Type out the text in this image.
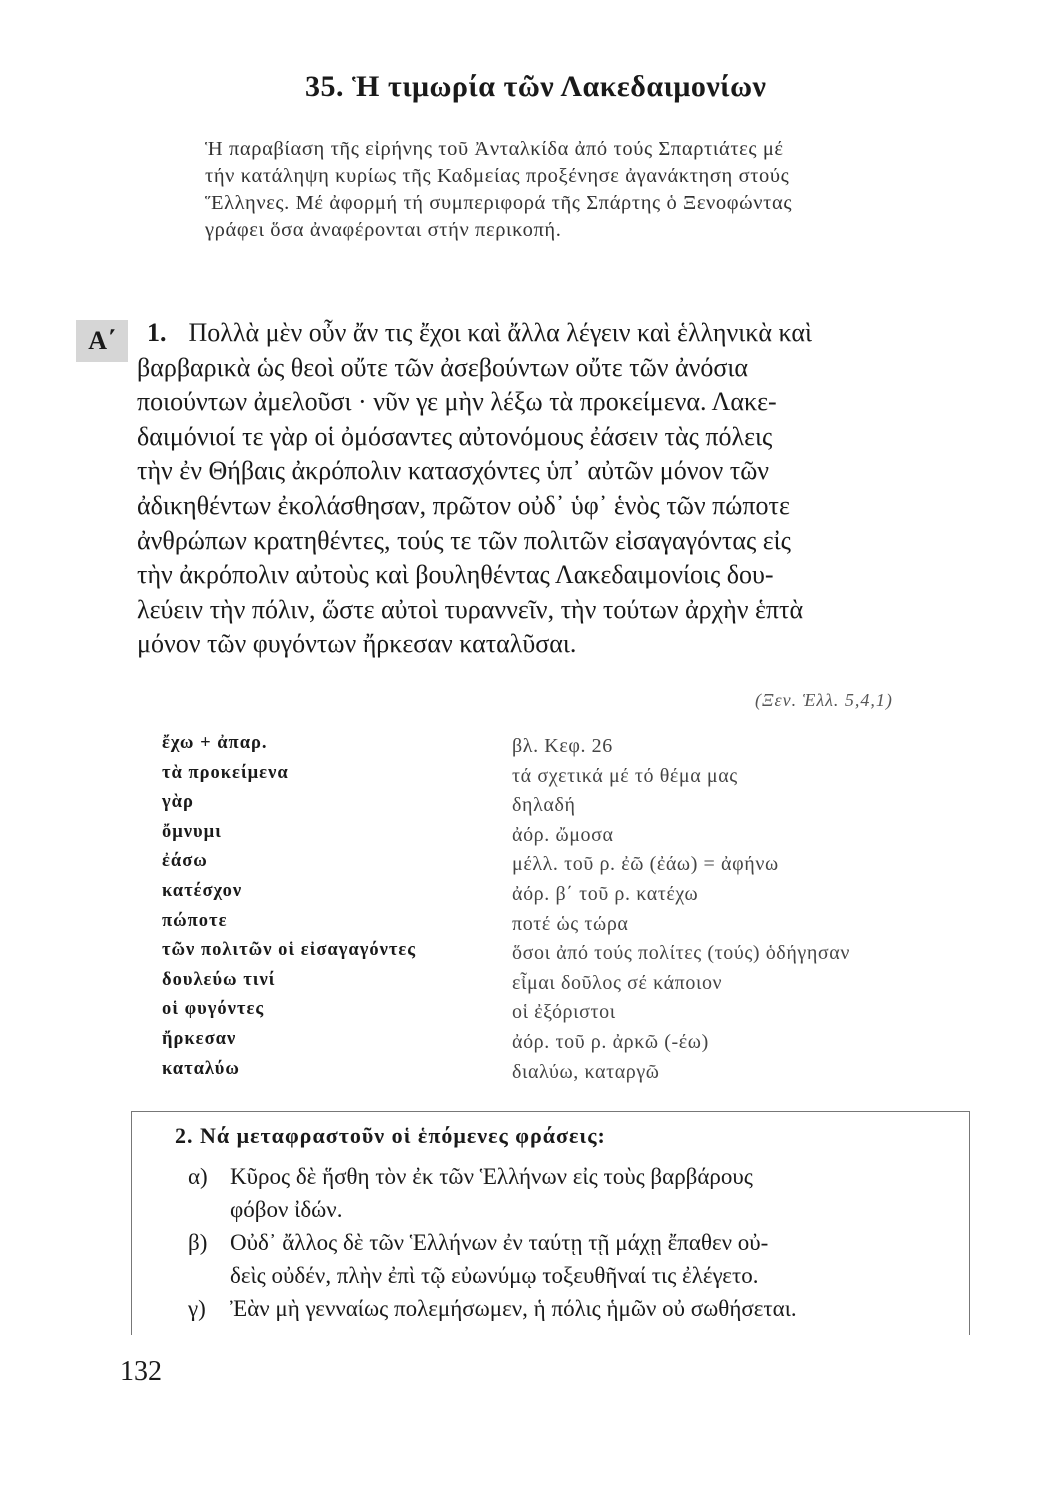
35. Ἡ τιμωρία τῶν Λακεδαιμονίων
Ἡ παραβίαση τῆς εἰρήνης τοῦ Ἀνταλκίδα ἀπό τούς Σπαρτιάτες μέ
τήν κατάληψη κυρίως τῆς Καδμείας προξένησε ἀγανάκτηση στούς
Ἕλληνες. Μέ ἀφορμή τή συμπεριφορά τῆς Σπάρτης ὁ Ξενοφώντας
γράφει ὅσα ἀναφέρονται στήν περικοπή.
Α΄	1. Πολλὰ μὲν οὖν ἄν τις ἔχοι καὶ ἄλλα λέγειν καὶ ἑλληνικὰ καὶ
βαρβαρικὰ ὡς θεοὶ οὔτε τῶν ἀσεβούντων οὔτε τῶν ἀνόσια
ποιούντων ἀμελοῦσι · νῦν γε μὴν λέξω τὰ προκείμενα. Λακε-
δαιμόνιοί τε γὰρ οἱ ὀμόσαντες αὐτονόμους ἐάσειν τὰς πόλεις
τὴν ἐν Θήβαις ἀκρόπολιν κατασχόντες ὑπ᾽ αὐτῶν μόνον τῶν
ἀδικηθέντων ἐκολάσθησαν, πρῶτον οὐδ᾽ ὑφ᾽ ἑνὸς τῶν πώποτε
ἀνθρώπων κρατηθέντες, τούς τε τῶν πολιτῶν εἰσαγαγόντας εἰς
τὴν ἀκρόπολιν αὐτοὺς καὶ βουληθέντας Λακεδαιμονίοις δου-
λεύειν τὴν πόλιν, ὥστε αὐτοὶ τυραννεῖν, τὴν τούτων ἀρχὴν ἑπτὰ
μόνον τῶν φυγόντων ἤρκεσαν καταλῦσαι.
(Ξεν. Ἑλλ. 5,4,1)
ἔχω + ἀπαρ.	βλ. Κεφ. 26
τὰ προκείμενα	τά σχετικά μέ τό θέμα μας
γὰρ	δηλαδή
ὄμνυμι	ἀόρ. ὤμοσα
ἐάσω	μέλλ. τοῦ ρ. ἐῶ (ἐάω) = ἀφήνω
κατέσχον	ἀόρ. β΄ τοῦ ρ. κατέχω
πώποτε	ποτέ ὡς τώρα
τῶν πολιτῶν οἱ εἰσαγαγόντες	ὅσοι ἀπό τούς πολίτες (τούς) ὁδήγησαν
δουλεύω τινί	εἶμαι δοῦλος σέ κάποιον
οἱ φυγόντες	οἱ ἐξόριστοι
ἤρκεσαν	ἀόρ. τοῦ ρ. ἀρκῶ (-έω)
καταλύω	διαλύω, καταργῶ
2. Νά μεταφραστοῦν οἱ ἑπόμενες φράσεις:
α) Κῦρος δὲ ἥσθη τὸν ἐκ τῶν Ἑλλήνων εἰς τοὺς βαρβάρους
φόβον ἰδών.
β) Οὐδ᾽ ἄλλος δὲ τῶν Ἑλλήνων ἐν ταύτῃ τῇ μάχῃ ἔπαθεν οὐ-
δεὶς οὐδέν, πλὴν ἐπὶ τῷ εὐωνύμῳ τοξευθῆναί τις ἐλέγετο.
γ) Ἐὰν μὴ γενναίως πολεμήσωμεν, ἡ πόλις ἡμῶν οὐ σωθήσεται.
132
